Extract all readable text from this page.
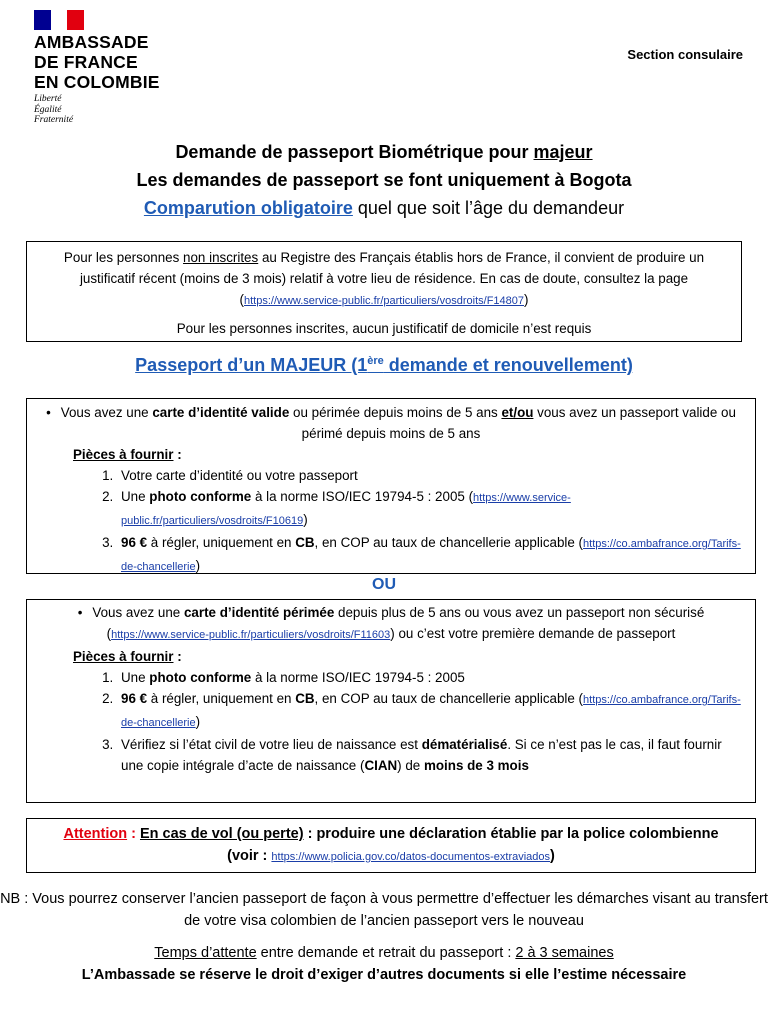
AMBASSADE
DE FRANCE
EN COLOMBIE
Liberté
Égalité
Fraternité
Section consulaire
Demande de passeport Biométrique pour majeur
Les demandes de passeport se font uniquement à Bogota
Comparution obligatoire quel que soit l’âge du demandeur

Pour les personnes non inscrites au Registre des Français établis hors de France, il convient de produire un justificatif récent (moins de 3 mois) relatif à votre lieu de résidence. En cas de doute, consultez la page (https://www.service-public.fr/particuliers/vosdroits/F14807)

Pour les personnes inscrites, aucun justificatif de domicile n’est requis

Passeport d’un MAJEUR (1ère demande et renouvellement)
• Vous avez une carte d’identité valide ou périmée depuis moins de 5 ans et/ou vous avez un passeport valide ou périmé depuis moins de 5 ans
Pièces à fournir :
1. Votre carte d’identité ou votre passeport
2. Une photo conforme à la norme ISO/IEC 19794-5 : 2005 (https://www.service-public.fr/particuliers/vosdroits/F10619)
3. 96 € à régler, uniquement en CB, en COP au taux de chancellerie applicable (https://co.ambafrance.org/Tarifs-de-chancellerie)
OU
• Vous avez une carte d’identité périmée depuis plus de 5 ans ou vous avez un passeport non sécurisé (https://www.service-public.fr/particuliers/vosdroits/F11603) ou c’est votre première demande de passeport
Pièces à fournir :
1. Une photo conforme à la norme ISO/IEC 19794-5 : 2005
2. 96 € à régler, uniquement en CB, en COP au taux de chancellerie applicable (https://co.ambafrance.org/Tarifs-de-chancellerie)
3. Vérifiez si l’état civil de votre lieu de naissance est dématérialisé. Si ce n’est pas le cas, il faut fournir une copie intégrale d’acte de naissance (CIAN) de moins de 3 mois
Attention : En cas de vol (ou perte) : produire une déclaration établie par la police colombienne
(voir : https://www.policia.gov.co/datos-documentos-extraviados)
NB : Vous pourrez conserver l’ancien passeport de façon à vous permettre d’effectuer les démarches visant au transfert de votre visa colombien de l’ancien passeport vers le nouveau
Temps d’attente entre demande et retrait du passeport : 2 à 3 semaines
L’Ambassade se réserve le droit d’exiger d’autres documents si elle l’estime nécessaire
